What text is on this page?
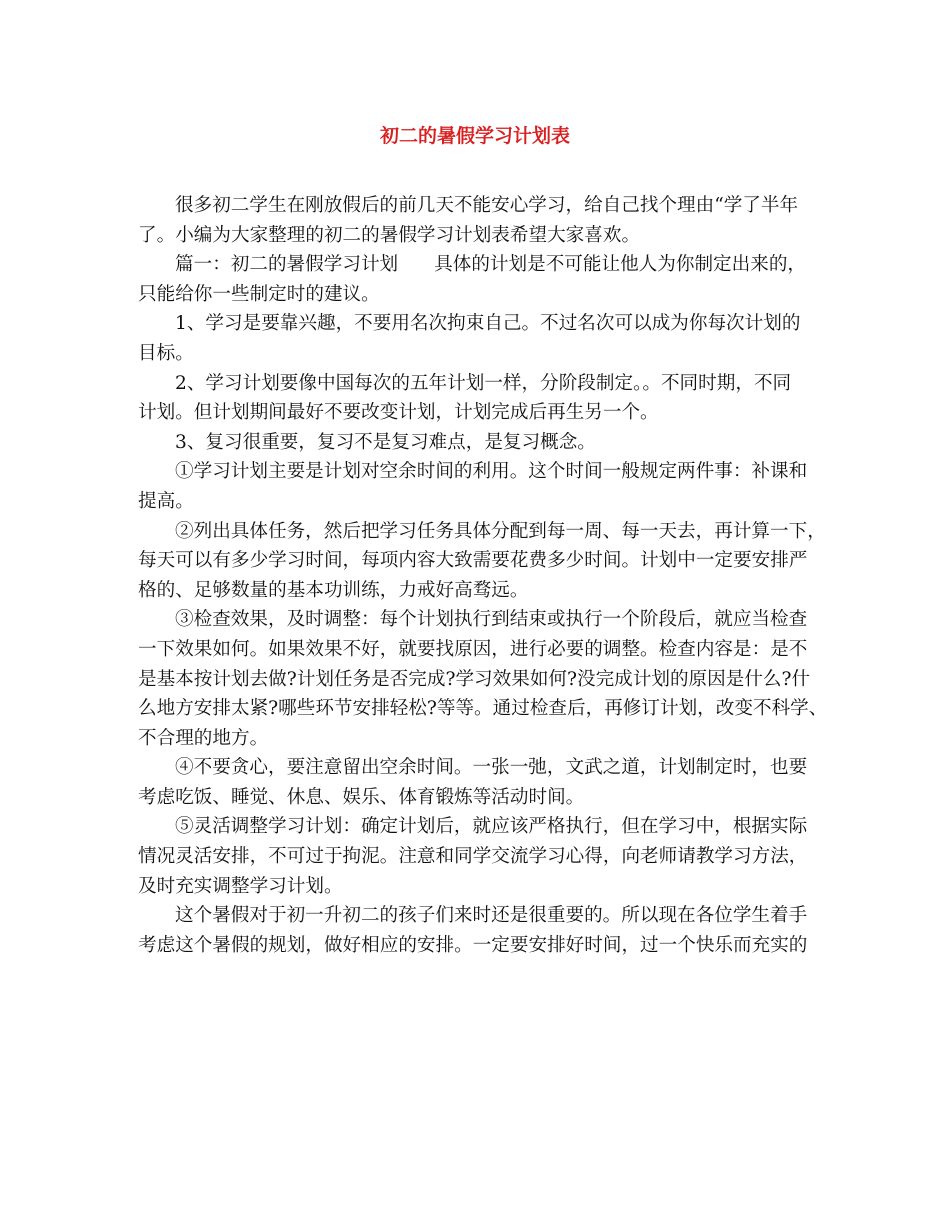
初二的暑假学习计划表

很多初二学生在刚放假后的前几天不能安心学习，给自己找个理由“学了半年
了。小编为大家整理的初二的暑假学习计划表希望大家喜欢。

篇一：初二的暑假学习计划 具体的计划是不可能让他人为你制定出来的，
只能给你一些制定时的建议。

1、学习是要靠兴趣，不要用名次拘束自己。不过名次可以成为你每次计划的
目标。

2、学习计划要像中国每次的五年计划一样，分阶段制定。。不同时期，不同
计划。但计划期间最好不要改变计划，计划完成后再生另一个。

3、复习很重要，复习不是复习难点，是复习概念。

①学习计划主要是计划对空余时间的利用。这个时间一般规定两件事：补课和
提高。

②列出具体任务，然后把学习任务具体分配到每一周、每一天去，再计算一下，
每天可以有多少学习时间，每项内容大致需要花费多少时间。计划中一定要安排严
格的、足够数量的基本功训练，力戒好高骛远。

③检查效果，及时调整：每个计划执行到结束或执行一个阶段后，就应当检查
一下效果如何。如果效果不好，就要找原因，进行必要的调整。检查内容是：是不
是基本按计划去做?计划任务是否完成?学习效果如何?没完成计划的原因是什么?什
么地方安排太紧?哪些环节安排轻松?等等。通过检查后，再修订计划，改变不科学、
不合理的地方。

④不要贪心，要注意留出空余时间。一张一弛，文武之道，计划制定时，也要
考虑吃饭、睡觉、休息、娱乐、体育锻炼等活动时间。

⑤灵活调整学习计划：确定计划后，就应该严格执行，但在学习中，根据实际
情况灵活安排，不可过于拘泥。注意和同学交流学习心得，向老师请教学习方法，
及时充实调整学习计划。

这个暑假对于初一升初二的孩子们来时还是很重要的。所以现在各位学生着手
考虑这个暑假的规划，做好相应的安排。一定要安排好时间，过一个快乐而充实的
